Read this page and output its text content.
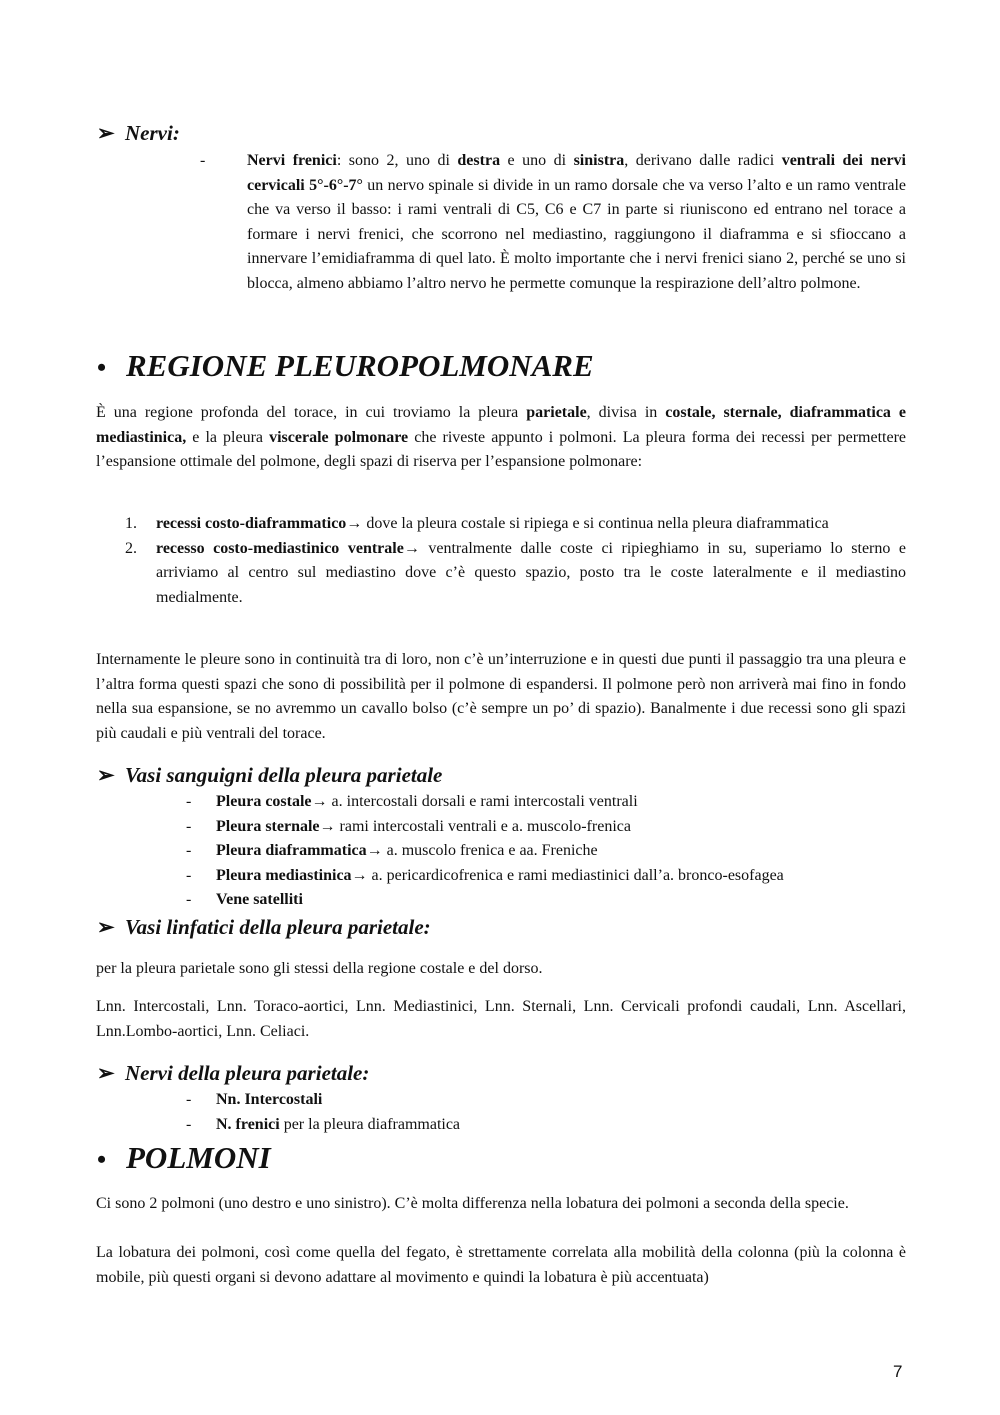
➢ Nervi:
-	Nervi frenici: sono 2, uno di destra e uno di sinistra, derivano dalle radici ventrali dei nervi cervicali 5°-6°-7° un nervo spinale si divide in un ramo dorsale che va verso l’alto e un ramo ventrale che va verso il basso: i rami ventrali di C5, C6 e C7 in parte si riuniscono ed entrano nel torace a formare i nervi frenici, che scorrono nel mediastino, raggiungono il diaframma e si sfioccano a innervare l’emidiaframma di quel lato. È molto importante che i nervi frenici siano 2, perché se uno si blocca, almeno abbiamo l’altro nervo he permette comunque la respirazione dell’altro polmone.
• REGIONE PLEUROPOLMONARE
È una regione profonda del torace, in cui troviamo la pleura parietale, divisa in costale, sternale, diaframmatica e mediastinica, e la pleura viscerale polmonare che riveste appunto i polmoni. La pleura forma dei recessi per permettere l’espansione ottimale del polmone, degli spazi di riserva per l’espansione polmonare:
1. recessi costo-diaframmatico→ dove la pleura costale si ripiega e si continua nella pleura diaframmatica
2. recesso costo-mediastinico ventrale→ ventralmente dalle coste ci ripieghiamo in su, superiamo lo sterno e arriviamo al centro sul mediastino dove c’è questo spazio, posto tra le coste lateralmente e il mediastino medialmente.
Internamente le pleure sono in continuità tra di loro, non c’è un’interruzione e in questi due punti il passaggio tra una pleura e l’altra forma questi spazi che sono di possibilità per il polmone di espandersi. Il polmone però non arriverà mai fino in fondo nella sua espansione, se no avremmo un cavallo bolso (c’è sempre un po’ di spazio). Banalmente i due recessi sono gli spazi più caudali e più ventrali del torace.
➢ Vasi sanguigni della pleura parietale
- Pleura costale→ a. intercostali dorsali e rami intercostali ventrali
- Pleura sternale→ rami intercostali ventrali e a. muscolo-frenica
- Pleura diaframmatica→ a. muscolo frenica e aa. Freniche
- Pleura mediastinica→ a. pericardicofrenica e rami mediastinici dall’a. bronco-esofagea
- Vene satelliti
➢ Vasi linfatici della pleura parietale:
per la pleura parietale sono gli stessi della regione costale e del dorso.
Lnn. Intercostali, Lnn. Toraco-aortici, Lnn. Mediastinici, Lnn. Sternali, Lnn. Cervicali profondi caudali, Lnn. Ascellari, Lnn.Lombo-aortici, Lnn. Celiaci.
➢ Nervi della pleura parietale:
- Nn. Intercostali
- N. frenici per la pleura diaframmatica
• POLMONI
Ci sono 2 polmoni (uno destro e uno sinistro). C’è molta differenza nella lobatura dei polmoni a seconda della specie.
La lobatura dei polmoni, così come quella del fegato, è strettamente correlata alla mobilità della colonna (più la colonna è mobile, più questi organi si devono adattare al movimento e quindi la lobatura è più accentuata)
7
